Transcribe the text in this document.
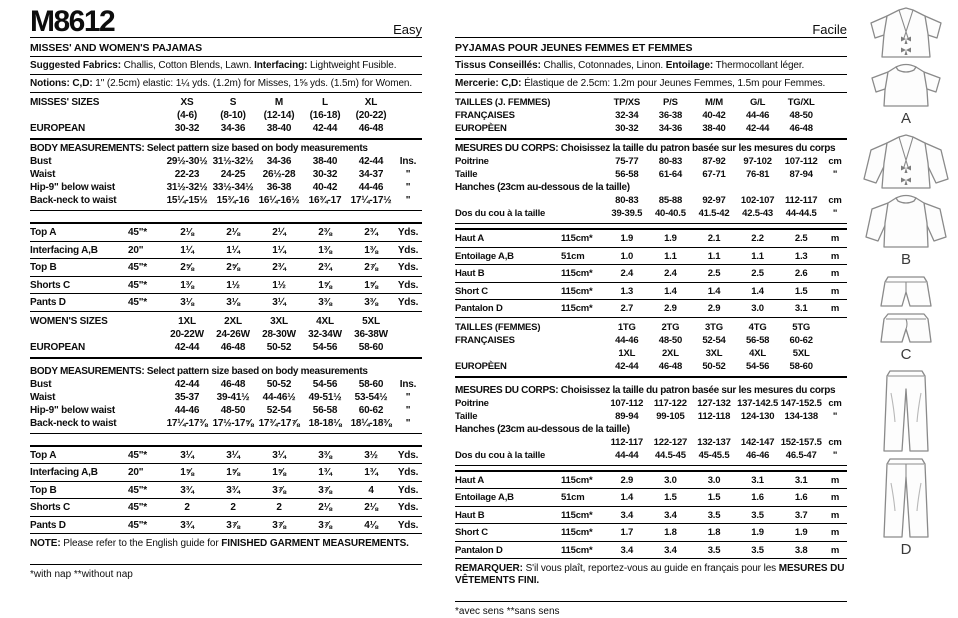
M8612	Easy
MISSES' AND WOMEN'S PAJAMAS
Suggested Fabrics: Challis, Cotton Blends, Lawn. Interfacing: Lightweight Fusible.
Notions: C,D: 1" (2.5cm) elastic: 1¼ yds. (1.2m) for Misses, 1⅝ yds. (1.5m) for Women.
MISSES' SIZES	XS	S	M	L	XL
(4-6)	(8-10)	(12-14)	(16-18)	(20-22)
EUROPEAN	30-32	34-36	38-40	42-44	46-48
BODY MEASUREMENTS: Select pattern size based on body measurements
Bust	29½-30½ 31½-32½	34-36	38-40	42-44	Ins.
Waist	22-23	24-25	26½-28	30-32	34-37	"
Hip-9" below waist	31½-32½ 33½-34½	36-38	40-42	44-46	"
Back-neck to waist	15¼-15½ 15¾-16 16¼-16½ 16¾-17 17¼-17½	"
Top A	45"*	2⅛	2⅛	2¼	2⅜	2¾	Yds.
Interfacing A,B	20"	1¼	1¼	1¼	1⅜	1⅜	Yds.
Top B	45"*	2⅝	2⅝	2¾	2¾	2⅞	Yds.
Shorts C	45"*	1⅜	1½	1½	1⅝	1⅝	Yds.
Pants D	45"*	3⅛	3⅛	3¼	3⅜	3⅜	Yds.
WOMEN'S SIZES	1XL	2XL	3XL	4XL	5XL
20-22W	24-26W	28-30W	32-34W	36-38W
EUROPEAN	42-44	46-48	50-52	54-56	58-60
BODY MEASUREMENTS: Select pattern size based on body measurements
Bust	42-44	46-48	50-52	54-56	58-60	Ins.
Waist	35-37	39-41½	44-46½	49-51½	53-54½	"
Hip-9" below waist	44-46	48-50	52-54	56-58	60-62	"
Back-neck to waist	17¼-17⅜ 17½-17⅝ 17¾-17⅞ 18-18⅛ 18¼-18⅜	"
Top A	45"*	3¼	3¼	3¼	3⅜	3½	Yds.
Interfacing A,B	20"	1⅝	1⅝	1⅝	1¾	1¾	Yds.
Top B	45"*	3¾	3¾	3⅞	3⅞	4	Yds.
Shorts C	45"*	2	2	2	2⅛	2⅛	Yds.
Pants D	45"*	3¾	3⅞	3⅞	3⅞	4⅛	Yds.
NOTE: Please refer to the English guide for FINISHED GARMENT MEASUREMENTS.
*with nap **without nap
Facile
PYJAMAS POUR JEUNES FEMMES ET FEMMES
Tissus Conseillés: Challis, Cotonnades, Linon. Entoilage: Thermocollant léger.
Mercerie: C,D: Élastique de 2.5cm: 1.2m pour Jeunes Femmes, 1.5m pour Femmes.
TAILLES (J. FEMMES)	TP/XS	P/S	M/M	G/L	TG/XL
FRANÇAISES	32-34	36-38	40-42	44-46	48-50
EUROPÈEN	30-32	34-36	38-40	42-44	46-48
MESURES DU CORPS: Choisissez la taille du patron basée sur les mesures du corps
Poitrine	75-77	80-83	87-92	97-102	107-112	cm
Taille	56-58	61-64	67-71	76-81	87-94	"
Hanches (23cm au-dessous de la taille)
80-83	85-88	92-97	102-107	112-117	cm
Dos du cou à la taille	39-39.5	40-40.5	41.5-42	42.5-43	44-44.5	"
Haut A	115cm*	1.9	1.9	2.1	2.2	2.5	m
Entoilage A,B	51cm	1.0	1.1	1.1	1.1	1.3	m
Haut B	115cm*	2.4	2.4	2.5	2.5	2.6	m
Short C	115cm*	1.3	1.4	1.4	1.4	1.5	m
Pantalon D	115cm*	2.7	2.9	2.9	3.0	3.1	m
TAILLES (FEMMES)	1TG	2TG	3TG	4TG	5TG
FRANÇAISES	44-46	48-50	52-54	56-58	60-62
1XL	2XL	3XL	4XL	5XL
EUROPÈEN	42-44	46-48	50-52	54-56	58-60
MESURES DU CORPS: Choisissez la taille du patron basée sur les mesures du corps
Poitrine	107-112	117-122	127-132 137-142.5 147-152.5 cm
Taille	89-94	99-105	112-118	124-130	134-138	"
Hanches (23cm au-dessous de la taille)
112-117	122-127	132-137	142-147 152-157.5 cm
Dos du cou à la taille	44-44	44.5-45	45-45.5	46-46	46.5-47	"
Haut A	115cm*	2.9	3.0	3.0	3.1	3.1	m
Entoilage A,B	51cm	1.4	1.5	1.5	1.6	1.6	m
Haut B	115cm*	3.4	3.4	3.5	3.5	3.7	m
Short C	115cm*	1.7	1.8	1.8	1.9	1.9	m
Pantalon D	115cm*	3.4	3.4	3.5	3.5	3.8	m
REMARQUER: S'il vous plaît, reportez-vous au guide en français pour les MESURES DU VÊTEMENTS FINI.
*avec sens **sans sens
A
B
C
D
